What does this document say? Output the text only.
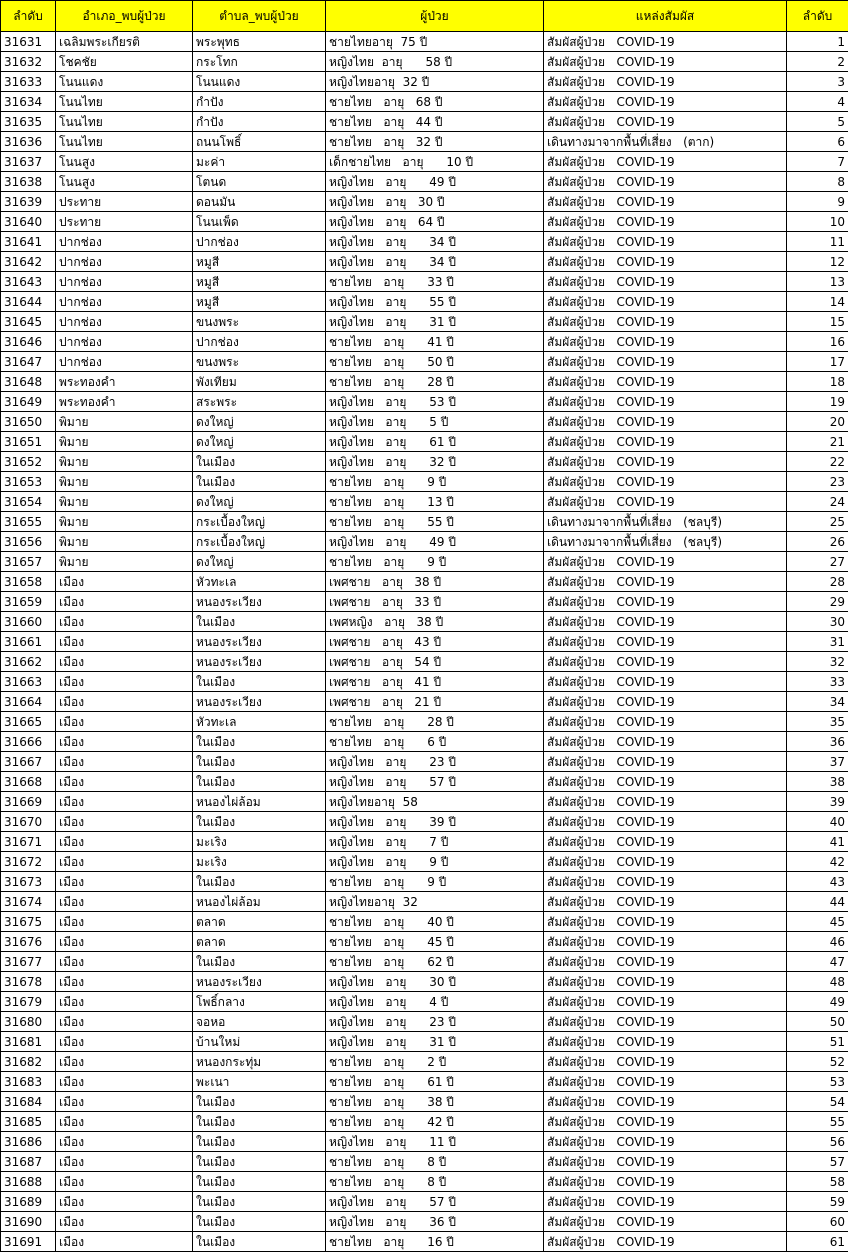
ลำดับ	อำเภอ_พบผู้ป่วย	ตำบล_พบผู้ป่วย	ผู้ป่วย	แหล่งสัมผัส	ลำดับ
31631	เฉลิมพระเกียรติ	พระพุทธ	ชายไทยอายุ  75 ปี	สัมผัสผู้ป่วย   COVID-19	1
31632	โชคชัย	กระโทก	หญิงไทย  อายุ      58 ปี	สัมผัสผู้ป่วย   COVID-19	2
31633	โนนแดง	โนนแดง	หญิงไทยอายุ  32 ปี	สัมผัสผู้ป่วย   COVID-19	3
31634	โนนไทย	กำปัง	ชายไทย   อายุ   68 ปี	สัมผัสผู้ป่วย   COVID-19	4
31635	โนนไทย	กำปัง	ชายไทย   อายุ   44 ปี	สัมผัสผู้ป่วย   COVID-19	5
31636	โนนไทย	ถนนโพธิ์	ชายไทย   อายุ   32 ปี	เดินทางมาจากพื้นที่เสี่ยง   (ตาก)	6
31637	โนนสูง	มะค่า	เด็กชายไทย   อายุ      10 ปี	สัมผัสผู้ป่วย   COVID-19	7
31638	โนนสูง	โตนด	หญิงไทย   อายุ      49 ปี	สัมผัสผู้ป่วย   COVID-19	8
31639	ประทาย	ดอนมัน	หญิงไทย   อายุ   30 ปี	สัมผัสผู้ป่วย   COVID-19	9
31640	ประทาย	โนนเพ็ด	หญิงไทย   อายุ   64 ปี	สัมผัสผู้ป่วย   COVID-19	10
31641	ปากช่อง	ปากช่อง	หญิงไทย   อายุ      34 ปี	สัมผัสผู้ป่วย   COVID-19	11
31642	ปากช่อง	หมูสี	หญิงไทย   อายุ      34 ปี	สัมผัสผู้ป่วย   COVID-19	12
31643	ปากช่อง	หมูสี	ชายไทย   อายุ      33 ปี	สัมผัสผู้ป่วย   COVID-19	13
31644	ปากช่อง	หมูสี	หญิงไทย   อายุ      55 ปี	สัมผัสผู้ป่วย   COVID-19	14
31645	ปากช่อง	ขนงพระ	หญิงไทย   อายุ      31 ปี	สัมผัสผู้ป่วย   COVID-19	15
31646	ปากช่อง	ปากช่อง	ชายไทย   อายุ      41 ปี	สัมผัสผู้ป่วย   COVID-19	16
31647	ปากช่อง	ขนงพระ	ชายไทย   อายุ      50 ปี	สัมผัสผู้ป่วย   COVID-19	17
31648	พระทองคำ	พังเทียม	ชายไทย   อายุ      28 ปี	สัมผัสผู้ป่วย   COVID-19	18
31649	พระทองคำ	สระพระ	หญิงไทย   อายุ      53 ปี	สัมผัสผู้ป่วย   COVID-19	19
31650	พิมาย	ดงใหญ่	หญิงไทย   อายุ      5 ปี	สัมผัสผู้ป่วย   COVID-19	20
31651	พิมาย	ดงใหญ่	หญิงไทย   อายุ      61 ปี	สัมผัสผู้ป่วย   COVID-19	21
31652	พิมาย	ในเมือง	หญิงไทย   อายุ      32 ปี	สัมผัสผู้ป่วย   COVID-19	22
31653	พิมาย	ในเมือง	ชายไทย   อายุ      9 ปี	สัมผัสผู้ป่วย   COVID-19	23
31654	พิมาย	ดงใหญ่	ชายไทย   อายุ      13 ปี	สัมผัสผู้ป่วย   COVID-19	24
31655	พิมาย	กระเบื้องใหญ่	ชายไทย   อายุ      55 ปี	เดินทางมาจากพื้นที่เสี่ยง   (ชลบุรี)	25
31656	พิมาย	กระเบื้องใหญ่	หญิงไทย   อายุ      49 ปี	เดินทางมาจากพื้นที่เสี่ยง   (ชลบุรี)	26
31657	พิมาย	ดงใหญ่	ชายไทย   อายุ      9 ปี	สัมผัสผู้ป่วย   COVID-19	27
31658	เมือง	หัวทะเล	เพศชาย   อายุ   38 ปี	สัมผัสผู้ป่วย   COVID-19	28
31659	เมือง	หนองระเวียง	เพศชาย   อายุ   33 ปี	สัมผัสผู้ป่วย   COVID-19	29
31660	เมือง	ในเมือง	เพศหญิง   อายุ   38 ปี	สัมผัสผู้ป่วย   COVID-19	30
31661	เมือง	หนองระเวียง	เพศชาย   อายุ   43 ปี	สัมผัสผู้ป่วย   COVID-19	31
31662	เมือง	หนองระเวียง	เพศชาย   อายุ   54 ปี	สัมผัสผู้ป่วย   COVID-19	32
31663	เมือง	ในเมือง	เพศชาย   อายุ   41 ปี	สัมผัสผู้ป่วย   COVID-19	33
31664	เมือง	หนองระเวียง	เพศชาย   อายุ   21 ปี	สัมผัสผู้ป่วย   COVID-19	34
31665	เมือง	หัวทะเล	ชายไทย   อายุ      28 ปี	สัมผัสผู้ป่วย   COVID-19	35
31666	เมือง	ในเมือง	ชายไทย   อายุ      6 ปี	สัมผัสผู้ป่วย   COVID-19	36
31667	เมือง	ในเมือง	หญิงไทย   อายุ      23 ปี	สัมผัสผู้ป่วย   COVID-19	37
31668	เมือง	ในเมือง	หญิงไทย   อายุ      57 ปี	สัมผัสผู้ป่วย   COVID-19	38
31669	เมือง	หนองไผ่ล้อม	หญิงไทยอายุ  58	สัมผัสผู้ป่วย   COVID-19	39
31670	เมือง	ในเมือง	หญิงไทย   อายุ      39 ปี	สัมผัสผู้ป่วย   COVID-19	40
31671	เมือง	มะเริง	หญิงไทย   อายุ      7 ปี	สัมผัสผู้ป่วย   COVID-19	41
31672	เมือง	มะเริง	หญิงไทย   อายุ      9 ปี	สัมผัสผู้ป่วย   COVID-19	42
31673	เมือง	ในเมือง	ชายไทย   อายุ      9 ปี	สัมผัสผู้ป่วย   COVID-19	43
31674	เมือง	หนองไผ่ล้อม	หญิงไทยอายุ  32	สัมผัสผู้ป่วย   COVID-19	44
31675	เมือง	ตลาด	ชายไทย   อายุ      40 ปี	สัมผัสผู้ป่วย   COVID-19	45
31676	เมือง	ตลาด	ชายไทย   อายุ      45 ปี	สัมผัสผู้ป่วย   COVID-19	46
31677	เมือง	ในเมือง	ชายไทย   อายุ      62 ปี	สัมผัสผู้ป่วย   COVID-19	47
31678	เมือง	หนองระเวียง	หญิงไทย   อายุ      30 ปี	สัมผัสผู้ป่วย   COVID-19	48
31679	เมือง	โพธิ์กลาง	หญิงไทย   อายุ      4 ปี	สัมผัสผู้ป่วย   COVID-19	49
31680	เมือง	จอหอ	หญิงไทย   อายุ      23 ปี	สัมผัสผู้ป่วย   COVID-19	50
31681	เมือง	บ้านใหม่	หญิงไทย   อายุ      31 ปี	สัมผัสผู้ป่วย   COVID-19	51
31682	เมือง	หนองกระทุ่ม	ชายไทย   อายุ      2 ปี	สัมผัสผู้ป่วย   COVID-19	52
31683	เมือง	พะเนา	ชายไทย   อายุ      61 ปี	สัมผัสผู้ป่วย   COVID-19	53
31684	เมือง	ในเมือง	ชายไทย   อายุ      38 ปี	สัมผัสผู้ป่วย   COVID-19	54
31685	เมือง	ในเมือง	ชายไทย   อายุ      42 ปี	สัมผัสผู้ป่วย   COVID-19	55
31686	เมือง	ในเมือง	หญิงไทย   อายุ      11 ปี	สัมผัสผู้ป่วย   COVID-19	56
31687	เมือง	ในเมือง	ชายไทย   อายุ      8 ปี	สัมผัสผู้ป่วย   COVID-19	57
31688	เมือง	ในเมือง	ชายไทย   อายุ      8 ปี	สัมผัสผู้ป่วย   COVID-19	58
31689	เมือง	ในเมือง	หญิงไทย   อายุ      57 ปี	สัมผัสผู้ป่วย   COVID-19	59
31690	เมือง	ในเมือง	หญิงไทย   อายุ      36 ปี	สัมผัสผู้ป่วย   COVID-19	60
31691	เมือง	ในเมือง	ชายไทย   อายุ      16 ปี	สัมผัสผู้ป่วย   COVID-19	61
